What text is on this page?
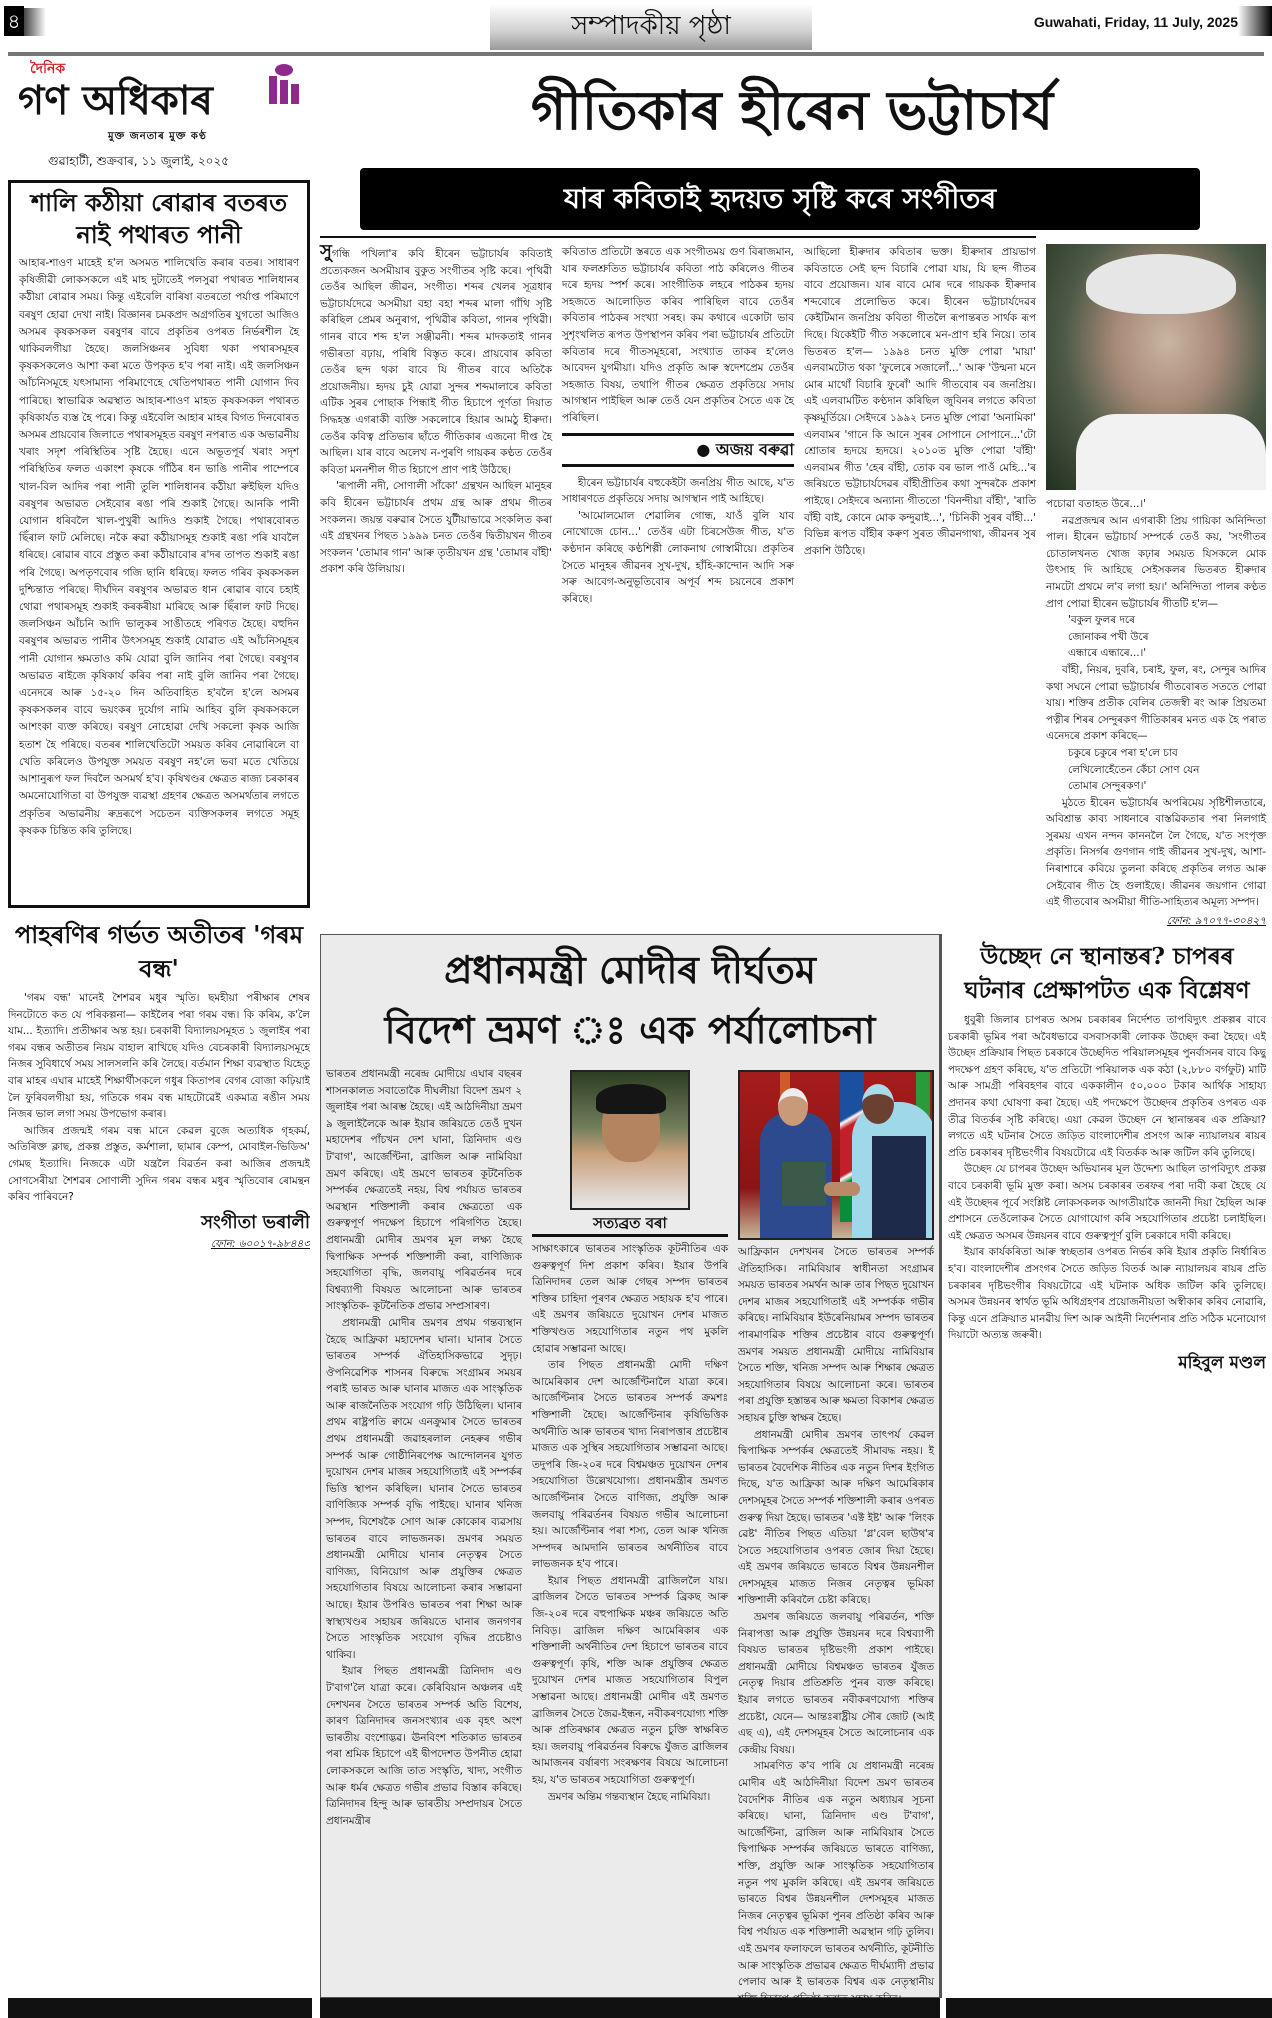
৪	সম্পাদকীয় পৃষ্ঠা	Guwahati, Friday, 11 July, 2025
দৈনিক
গণ অধিকাৰ
মুক্ত জনতাৰ মুক্ত কণ্ঠ
গুৱাহাটী, শুক্ৰবাৰ, ১১ জুলাই, ২০২৫
শালি কঠীয়া ৰোৱাৰ বতৰত নাই পথাৰত পানী

আহাৰ-শাওণ মাহেই হ'ল অসমত শালিখেতি কৰাৰ বতৰ। সাধাৰণ কৃষিজীৱী লোকসকলে এই মাহ দুটাতেই পলসুৱা পথাৰত শালিধানৰ কঠীয়া ৰোৱাৰ সময়। কিন্তু এইবেলি বাৰিষা বতৰতো পৰ্যাপ্ত পৰিমাণে বৰষুণ হোৱা দেখা নাই। বিজ্ঞানৰ চমকপ্ৰদ অগ্ৰগতিৰ যুগতো আজিও অসমৰ কৃষকসকল বৰষুণৰ বাবে প্ৰকৃতিৰ ওপৰত নিৰ্ভৰশীল হৈ থাকিবলগীয়া হৈছে। জলসিঞ্চনৰ সুবিধা থকা পথাৰসমূহৰ কৃষকসকলেও আশা কৰা মতে উপকৃত হ'ব পৰা নাই। এই জলসিঞ্চন আঁচনিসমূহে যৎসামান্য পৰিমাণেহে খেতিপথাৰত পানী যোগান দিব পাৰিছে। স্বাভাৱিক অৱস্থাত আহাৰ-শাওণ মাহত কৃষকসকল পথাৰত কৃষিকাৰ্যত ব্যস্ত হৈ পৰে। কিন্তু এইবেলি আহাৰ মাহৰ বিগত দিনবোৰত অসমৰ প্ৰায়বোৰ জিলাতে পথাৰসমূহত বৰষুণ নপৰাত এক অভাৱনীয় খৰাং সদৃশ পৰিস্থিতিৰ সৃষ্টি হৈছে। এনে অভূতপূৰ্ব খৰাং সদৃশ পৰিস্থিতিৰ ফলত একাংশ কৃষকে গাঁঠিৰ ধন ভাঙি পানীৰ পাম্পেৰে খাল-বিল আদিৰ পৰা পানী তুলি শালিধানৰ কঠীয়া ৰুইছিল যদিও বৰষুণৰ অভাৱত সেইবোৰ ৰঙা পৰি শুকাই গৈছে। আনকি পানী যোগান ধৰিবলৈ খাল-পুখুৰী আদিও শুকাই গৈছে। পথাৰবোৰত ছিঁৰাল ফাট মেলিছে। নকৈ ৰুৱা কঠীয়াসমূহ শুকাই ৰঙা পৰি যাবলৈ ধৰিছে। ৰোৱাৰ বাবে প্ৰস্তুত কৰা কঠীয়াবোৰ ৰ'দৰ তাপত শুকাই ৰঙা পৰি গৈছে। অপতৃণবোৰ গজি ছানি ধৰিছে। ফলত গৰিব কৃষকসকল দুশ্চিন্তাত পৰিছে। দীৰ্ঘদিন বৰষুণৰ অভাৱত ধান ৰোৱাৰ বাবে চহাই থোৱা পথাৰসমূহ শুকাই কৰকৰীয়া মাৰিছে আৰু ছিঁৰাল ফাট দিছে। জলসিঞ্চন আঁচনি আদি ভালুকৰ সাঙীতহে পৰিণত হৈছে। বহুদিন বৰষুণৰ অভাৱত পানীৰ উৎসসমূহ শুকাই যোৱাত এই আঁচনিসমূহৰ পানী যোগান ক্ষমতাও কমি যোৱা বুলি জানিব পৰা গৈছে। বৰষুণৰ অভাৱত ৰাইজে কৃষিকাৰ্য কৰিব পৰা নাই বুলি জানিব পৰা গৈছে। এনেদৰে আৰু ১৫-২০ দিন অতিবাহিত হ'বলৈ হ'লে অসমৰ কৃষকসকলৰ বাবে ভয়ংকৰ দুৰ্যোগ নামি আহিব বুলি কৃষকসকলে আশংকা ব্যক্ত কৰিছে। বৰষুণ নোহোৱা দেখি সকলো কৃষক আজি হতাশ হৈ পৰিছে। বতৰৰ শালিখেতিটো সময়ত কৰিব নোৱাৰিলে বা খেতি কৰিলেও উপযুক্ত সময়ত বৰষুণ নহ'লে ভবা মতে খেতিয়ে আশানুৰূপ ফল দিবলৈ অসমৰ্থ হ'ব। কৃষিখণ্ডৰ ক্ষেত্ৰত ৰাজ্য চৰকাৰৰ অমনোযোগিতা বা উপযুক্ত ব্যৱস্থা গ্ৰহণৰ ক্ষেত্ৰত অসমৰ্থতাৰ লগতে প্ৰকৃতিৰ অভাৱনীয় ৰুদ্ৰৰূপে সচেতন ব্যক্তিসকলৰ লগতে সমূহ কৃষকক চিন্তিত কৰি তুলিছে।

গীতিকাৰ হীৰেন ভট্টাচাৰ্য
যাৰ কবিতাই হৃদয়ত সৃষ্টি কৰে সংগীতৰ

সুগন্ধি পখিলা'ৰ কবি হীৰেন ভট্টাচাৰ্যৰ কবিতাই প্ৰত্যেকজন অসমীয়াৰ বুকুত সংগীতৰ সৃষ্টি কৰে। পৃথিৱী তেওঁৰ আছিল জীৱন, সংগীত। শব্দৰ খেলৰ সূত্ৰধাৰ ভট্টাচাৰ্যদেৱে অসমীয়া বহা বহা শব্দৰ মালা গাঁথি সৃষ্টি কৰিছিল প্ৰেমৰ অনুৰাগ, পৃথিৱীৰ কবিতা, গানৰ পৃথিৱী। গানৰ বাবে শব্দ হ'ল সঞ্জীৱনী। শব্দৰ মাদকতাই গানৰ গভীৰতা বঢ়ায়, পৰিধি বিস্তৃত কৰে। প্ৰায়বোৰ কবিতা তেওঁৰ ছন্দ থকা বাবে যি গীতৰ বাবে অতিকৈ প্ৰয়োজনীয়। হৃদয় চুই যোৱা সুন্দৰ শব্দমালাৰে কবিতা এটিক সুৰৰ পোছাক পিন্ধাই গীত হিচাপে পূৰ্ণতা দিয়াত সিদ্ধহস্ত এগৰাকী ব্যক্তি সকলোৰে হিয়াৰ আমঠু হীৰুদা। তেওঁৰ কবিত্ব প্ৰতিভাৰ ছাঁতে গীতিকাৰ এজনো দীপ্ত হৈ আছিল। যাৰ বাবে অলেখ ন-পুৰণি গায়কৰ কণ্ঠত তেওঁৰ কবিতা মননশীল গীত হিচাপে প্ৰাণ পাই উঠিছে।

'ৰূপালী নদী, সোণালী সাঁকো' গ্ৰন্থখন আছিল মানুহৰ কবি হীৰেন ভট্টাচাৰ্যৰ প্ৰথম গ্ৰন্থ আৰু প্ৰথম গীতৰ সংকলন। জয়ন্ত বৰুৱাৰ সৈতে যুটীয়াভাৱে সংকলিত কৰা এই গ্ৰন্থখনৰ পিছত ১৯৯৯ চনত তেওঁৰ দ্বিতীয়খন গীতৰ সংকলন 'তোমাৰ গান' আৰু তৃতীয়খন গ্ৰন্থ 'তোমাৰ বাঁহী' প্ৰকাশ কৰি উলিয়ায়।

কবিতাত প্ৰতিটো স্তৰতে এক সংগীতময় গুণ বিৰাজমান, যাৰ ফলশ্ৰুতিত ভট্টাচাৰ্যৰ কবিতা পাঠ কৰিলেও গীতৰ দৰে হৃদয় স্পৰ্শ কৰে। সাংগীতিক লহৰে পাঠকৰ হৃদয় সহজতে আলোড়িত কৰিব পাৰিছিল বাবে তেওঁৰ কবিতাৰ পাঠকৰ সংখ্যা সৰহ। কম কথাৰে একোটা ভাব সুশৃংখলিত ৰূপত উপস্থাপন কৰিব পৰা ভট্টাচাৰ্যৰ প্ৰতিটো কবিতাৰ দৰে গীতসমূহৰো, সংখ্যাত তাকৰ হ'লেও আবেদন যুগমীয়া। যদিও প্ৰকৃতি আৰু স্বদেশপ্ৰেম তেওঁৰ সহজাত বিষয়, তথাপি গীতৰ ক্ষেত্ৰত প্ৰকৃতিয়ে সদায় আগস্থান পাইছিল আৰু তেওঁ যেন প্ৰকৃতিৰ সৈতে এক হৈ পৰিছিল।

● অজয় বৰুৱা

হীৰেন ভট্টাচাৰ্যৰ বহুকেইটা জনপ্ৰিয় গীত আছে, য'ত সাধাৰণতে প্ৰকৃতিয়ে সদায় আগস্থান পাই আহিছে।

'আমোলমোল শেৱালিৰ গোন্ধ, যাওঁ বুলি যাব নোখোজে চোন...' তেওঁৰ এটা চিৰসেউজ গীত, য'ত কণ্ঠদান কৰিছে কণ্ঠশিল্পী লোকনাথ গোস্বামীয়ে। প্ৰকৃতিৰ সৈতে মানুহৰ জীৱনৰ সুখ-দুখ, হাঁহি-কান্দোন আদি সৰু সৰু আবেগ-অনুভূতিবোৰ অপূৰ্ব শব্দ চয়নেৰে প্ৰকাশ কৰিছে।

আছিলো হীৰুদাৰ কবিতাৰ ভক্ত। হীৰুদাৰ প্ৰায়ভাগ কবিতাতে সেই ছন্দ বিচাৰি পোৱা যায়, যি ছন্দ গীতৰ বাবে প্ৰয়োজন। যাৰ বাবে মোৰ দৰে গায়কক হীৰুদাৰ শব্দবোৰে প্ৰলোভিত কৰে। হীৰেন ভট্টাচাৰ্যদেৱৰ কেইটিমান জনপ্ৰিয় কবিতা গীতলৈ ৰূপান্তৰত সাৰ্থক ৰূপ দিছে। যিকেইটি গীত সকলোৰে মন-প্ৰাণ হৰি নিয়ে। তাৰ ভিতৰত হ'ল— ১৯৯৪ চনত মুক্তি পোৱা 'মায়া' এলবামটোত থকা 'ফুলেৰে সজালোঁ...' আৰু 'উন্মনা মনে মোৰ মাথোঁ বিচাৰি ফুৰোঁ' আদি গীতবোৰ বৰ জনপ্ৰিয়। এই এলবামটিত কণ্ঠদান কৰিছিল জুবিনৰ লগতে কবিতা কৃষ্ণমূৰ্তিয়ে। সেইদৰে ১৯৯২ চনত মুক্তি পোৱা 'অনামিকা' এলবামৰ 'গানে কি আনে সুৰৰ সোপানে সোপানে...'টো শ্ৰোতাৰ হৃদয়ে হৃদয়ে। ২০১০ত মুক্তি পোৱা 'বাঁহী' এলবামৰ গীত 'হেৰ বাঁহী, তোক বৰ ভাল পাওঁ মেহি...'ৰ জৰিয়তে ভট্টাচাৰ্যদেৱৰ বাঁহীপ্ৰীতিৰ কথা সুন্দৰকৈ প্ৰকাশ পাইছে। সেইদৰে অন্যান্য গীততো 'বিনন্দীয়া বাঁহী', 'ৰাতি বাঁহী বাই, কোনে মোক কন্দুৱাই...', 'চিনিকী সুৰৰ বাঁহী...' বিভিন্ন ৰূপত বাঁহীৰ কৰুণ সুৰত জীৱনগাথা, জীৱনৰ সুৰ প্ৰকাশি উঠিছে।

পচোৱা বতাহত উৰে...।'

নৱপ্ৰজন্মৰ আন এগৰাকী প্ৰিয় গায়িকা অনিন্দিতা পাল। হীৰেন ভট্টাচাৰ্য সম্পৰ্কে তেওঁ কয়, 'সংগীতৰ চোতালখনত খোজ কঢ়াৰ সময়ত যিসকলে মোক উৎসাহ দি আহিছে সেইসকলৰ ভিতৰত হীৰুদাৰ নামটো প্ৰথমে ল'ব লগা হয়।' অনিন্দিতা পালৰ কণ্ঠত প্ৰাণ পোৱা হীৰেন ভট্টাচাৰ্যৰ গীতটি হ'ল—

'বকুল ফুলৰ দৰে

জোনাকৰ পখী উৰে

এন্ধাৰে এন্ধাৰে...।'

বাঁহী, নিয়ৰ, দুবৰি, চৰাই, ফুল, ৰং, সেন্দুৰ আদিৰ কথা সঘনে পোৱা ভট্টাচাৰ্যৰ গীতবোৰত সততে পোৱা যায়। শক্তিৰ প্ৰতীক বেলিৰ তেজস্বী ৰং আৰু প্ৰিয়তমা পত্নীৰ শিৰৰ সেন্দুৰকণ গীতিকাৰৰ মনত এক হৈ পৰাত এনেদৰে প্ৰকাশ কৰিছে—

চকুৰে চকুৰে পৰা হ'লে চাব

লেখিলোহেঁতেন কেঁচা সোণ যেন

তোমাৰ সেন্দুৰকণ।'

মুঠতে হীৰেন ভট্টাচাৰ্যৰ অপৰিমেয় সৃষ্টিশীলতাৰে, অবিশ্ৰান্ত কাব্য সাধনাৰে বাস্তৱিকতাৰ পৰা নিলগাই সুৰময় এখন নন্দন কাননলৈ লৈ গৈছে, য'ত সংপৃক্ত প্ৰকৃতি। নিসৰ্গৰ গুণগান গাই জীৱনৰ সুখ-দুখ, আশা-নিৰাশাৰে কবিয়ে তুলনা কৰিছে প্ৰকৃতিৰ লগত আৰু সেইবোৰ গীত হৈ গুলাইছে। জীৱনৰ জয়গান গোৱা এই গীতবোৰ অসমীয়া গীতি-সাহিত্যৰ অমূল্য সম্পদ।

ফোন: ৯৭০৭৭-৩০৪২৭
পাহৰণিৰ গৰ্ভত অতীতৰ 'গৰম বন্ধ'

'গৰম বন্ধ' মানেই শৈশৱৰ মধুৰ স্মৃতি। ছমহীয়া পৰীক্ষাৰ শেষৰ দিনটোতে কত যে পৰিকল্পনা— কাইলৈৰ পৰা গৰম বন্ধ। কি কৰিম, ক'লৈ যাম... ইত্যাদি। প্ৰতীক্ষাৰ অন্ত হয়। চৰকাৰী বিদ্যালয়সমূহত ১ জুলাইৰ পৰা গৰম বন্ধৰ অতীতৰ নিয়ম বাহাল ৰাখিছে যদিও বেচৰকাৰী বিদ্যালয়সমূহে নিজৰ সুবিধাৰ্থে সময় সালসলনি কৰি লৈছে। বৰ্তমান শিক্ষা ব্যৱস্থাত যিহেতু বাৰ মাহৰ এঘাৰ মাহেই শিক্ষাৰ্থীসকলে গধুৰ কিতাপৰ বেগৰ বোজা কঢ়িয়াই লৈ ফুৰিবলগীয়া হয়, গতিকে গৰম বন্ধ মাহটোৱেই একমাত্ৰ ৰঙীন সময় নিজৰ ভাল লগা সময় উপভোগ কৰাৰ।

আজিৰ প্ৰজন্মই গৰম বন্ধ মানে কেৱল বুজে অত্যধিক গৃহকৰ্ম, অতিৰিক্ত ক্লাছ, প্ৰকল্প প্ৰস্তুত, কৰ্মশালা, ছামাৰ কেম্প, মোবাইল-ভিডিঅ' গেমছ ইত্যাদি। নিজকে এটা যন্ত্ৰলৈ বিৱৰ্তন কৰা আজিৰ প্ৰজন্মই সোণসেৰীয়া শৈশৱৰ সোণালী সুদিন গৰম বন্ধৰ মধুৰ স্মৃতিবোৰ ৰোমন্থন কৰিব পাৰিবনে?

সংগীতা ভৰালী
ফোন: ৬০০১৭-৯৮৪৪৩
প্ৰধানমন্ত্ৰী মোদীৰ দীৰ্ঘতম
বিদেশ ভ্ৰমণ ঃ এক পৰ্যালোচনা

ভাৰতৰ প্ৰধানমন্ত্ৰী নৰেন্দ্ৰ মোদীয়ে এঘাৰ বছৰৰ শাসনকালত সবাতোকৈ দীঘলীয়া বিদেশ ভ্ৰমণ ২ জুলাইৰ পৰা আৰম্ভ হৈছে। এই আঠদিনীয়া ভ্ৰমণ ৯ জুলাইলৈকে আৰু ইয়াৰ জৰিয়তে তেওঁ দুখন মহাদেশৰ পাঁচখন দেশ ঘানা, ত্ৰিনিদাদ এণ্ড ট'বাগ', আৰ্জেণ্টিনা, ব্ৰাজিল আৰু নামিবিয়া ভ্ৰমণ কৰিছে। এই ভ্ৰমণে ভাৰতৰ কূটনৈতিক সম্পৰ্কৰ ক্ষেত্ৰতেই নহয়, বিশ্ব পৰ্যায়ত ভাৰতৰ অৱস্থান শক্তিশালী কৰাৰ ক্ষেত্ৰতো এক গুৰুত্বপূৰ্ণ পদক্ষেপ হিচাপে পৰিগণিত হৈছে। প্ৰধানমন্ত্ৰী মোদীৰ ভ্ৰমণৰ মূল লক্ষ্য হৈছে দ্বিপাক্ষিক সম্পৰ্ক শক্তিশালী কৰা, বাণিজ্যিক সহযোগিতা বৃদ্ধি, জলবায়ু পৰিৱৰ্তনৰ দৰে বিশ্বব্যাপী বিষয়ত আলোচনা আৰু ভাৰতৰ সাংস্কৃতিক- কূটনৈতিক প্ৰভাৱ সম্প্ৰসাৰণ।

প্ৰধানমন্ত্ৰী মোদীৰ ভ্ৰমণৰ প্ৰথম গন্তব্যস্থান হৈছে আফ্ৰিকা মহাদেশৰ ঘানা। ঘানাৰ সৈতে ভাৰতৰ সম্পৰ্ক ঐতিহাসিকভাৱে সুদৃঢ়। ঔপনিৱেশিক শাসনৰ বিৰুদ্ধে সংগ্ৰামৰ সময়ৰ পৰাই ভাৰত আৰু ঘানাৰ মাজত এক সাংস্কৃতিক আৰু ৰাজনৈতিক সংযোগ গঢ়ি উঠিছিল। ঘানাৰ প্ৰথম ৰাষ্ট্ৰপতি ক্বামে এনক্ৰুমাৰ সৈতে ভাৰতৰ প্ৰথম প্ৰধানমন্ত্ৰী জৱাহৰলাল নেহৰুৰ গভীৰ সম্পৰ্ক আৰু গোষ্ঠীনিৰপেক্ষ আন্দোলনৰ যুগত দুয়োখন দেশৰ মাজৰ সহযোগিতাই এই সম্পৰ্কৰ ভিত্তি স্থাপন কৰিছিল। ঘানাৰ সৈতে ভাৰতৰ বাণিজ্যিক সম্পৰ্ক বৃদ্ধি পাইছে। ঘানাৰ খনিজ সম্পদ, বিশেষকৈ সোণ আৰু কোকোৰ ব্যৱসায় ভাৰতৰ বাবে লাভজনক। ভ্ৰমণৰ সময়ত প্ৰধানমন্ত্ৰী মোদীয়ে ঘানাৰ নেতৃত্বৰ সৈতে বাণিজ্য, বিনিয়োগ আৰু প্ৰযুক্তিৰ ক্ষেত্ৰত সহযোগিতাৰ বিষয়ে আলোচনা কৰাৰ সম্ভাৱনা আছে। ইয়াৰ উপৰিও ভাৰতৰ পৰা শিক্ষা আৰু স্বাস্থ্যখণ্ডৰ সহায়ৰ জৰিয়তে ঘানাৰ জনগণৰ সৈতে সাংস্কৃতিক সংযোগ বৃদ্ধিৰ প্ৰচেষ্টাও থাকিব।

ইয়াৰ পিছত প্ৰধানমন্ত্ৰী ত্ৰিনিদাদ এণ্ড ট'বাগ'লৈ যাত্ৰা কৰে। কেৰিবিয়ান অঞ্চলৰ এই দেশখনৰ সৈতে ভাৰতৰ সম্পৰ্ক অতি বিশেষ, কাৰণ ত্ৰিনিদাদৰ জনসংখ্যাৰ এক বৃহৎ অংশ ভাৰতীয় বংশোদ্ভৱ। ঊনবিংশ শতিকাত ভাৰতৰ পৰা শ্ৰমিক হিচাপে এই দ্বীপদেশত উপনীত হোৱা লোকসকলে আজি তাত সংস্কৃতি, খাদ্য, সংগীত আৰু ধৰ্মৰ ক্ষেত্ৰত গভীৰ প্ৰভাৱ বিস্তাৰ কৰিছে। ত্ৰিনিদাদৰ হিন্দু আৰু ভাৰতীয় সম্প্ৰদায়ৰ সৈতে প্ৰধানমন্ত্ৰীৰ

সত্যব্ৰত বৰা

সাক্ষাৎকাৰে ভাৰতৰ সাংস্কৃতিক কূটনীতিৰ এক গুৰুত্বপূৰ্ণ দিশ প্ৰকাশ কৰিব। ইয়াৰ উপৰি ত্ৰিনিদাদৰ তেল আৰু গেছৰ সম্পদ ভাৰতৰ শক্তিৰ চাহিদা পূৰণৰ ক্ষেত্ৰত সহায়ক হ'ব পাৰে। এই ভ্ৰমণৰ জৰিয়তে দুয়োখন দেশৰ মাজত শক্তিখণ্ডত সহযোগিতাৰ নতুন পথ মুকলি হোৱাৰ সম্ভাৱনা আছে।

তাৰ পিছত প্ৰধানমন্ত্ৰী মোদী দক্ষিণ আমেৰিকাৰ দেশ আৰ্জেণ্টিনালৈ যাত্ৰা কৰে। আৰ্জেণ্টিনাৰ সৈতে ভাৰতৰ সম্পৰ্ক ক্ৰমশঃ শক্তিশালী হৈছে। আৰ্জেণ্টিনাৰ কৃষিভিত্তিক অৰ্থনীতি আৰু ভাৰতৰ খাদ্য নিৰাপত্তাৰ প্ৰচেষ্টাৰ মাজত এক সুস্থিৰ সহযোগিতাৰ সম্ভাৱনা আছে। তদুপৰি জি-২০ৰ দৰে বিশ্বমঞ্চত দুয়োখন দেশৰ সহযোগিতা উল্লেখযোগ্য। প্ৰধানমন্ত্ৰীৰ ভ্ৰমণত আৰ্জেণ্টিনাৰ সৈতে বাণিজ্য, প্ৰযুক্তি আৰু জলবায়ু পৰিৱৰ্তনৰ বিষয়ত গভীৰ আলোচনা হয়। আৰ্জেণ্টিনাৰ পৰা শস্য, তেল আৰু খনিজ সম্পদৰ আমদানি ভাৰতৰ অৰ্থনীতিৰ বাবে লাভজনক হ'ব পাৰে।

ইয়াৰ পিছত প্ৰধানমন্ত্ৰী ব্ৰাজিললৈ যায়। ব্ৰাজিলৰ সৈতে ভাৰতৰ সম্পৰ্ক ব্ৰিকছ আৰু জি-২০ৰ দৰে বহুপাক্ষিক মঞ্চৰ জৰিয়তে অতি নিবিড়। ব্ৰাজিল দক্ষিণ আমেৰিকাৰ এক শক্তিশালী অৰ্থনীতিৰ দেশ হিচাপে ভাৰতৰ বাবে গুৰুত্বপূৰ্ণ। কৃষি, শক্তি আৰু প্ৰযুক্তিৰ ক্ষেত্ৰত দুয়োখন দেশৰ মাজত সহযোগিতাৰ বিপুল সম্ভাৱনা আছে। প্ৰধানমন্ত্ৰী মোদীৰ এই ভ্ৰমণত ব্ৰাজিলৰ সৈতে জৈৱ-ইন্ধন, নবীকৰণযোগ্য শক্তি আৰু প্ৰতিৰক্ষাৰ ক্ষেত্ৰত নতুন চুক্তি স্বাক্ষৰিত হয়। জলবায়ু পৰিৱৰ্তনৰ বিৰুদ্ধে যুঁজত ব্ৰাজিলৰ আমাজনৰ বৰ্ষাৰণ্য সংৰক্ষণৰ বিষয়ে আলোচনা হয়, য'ত ভাৰতৰ সহযোগিতা গুৰুত্বপূৰ্ণ।

ভ্ৰমণৰ অন্তিম গন্তব্যস্থান হৈছে নামিবিয়া।

আফ্ৰিকান দেশখনৰ সৈতে ভাৰতৰ সম্পৰ্ক ঐতিহাসিক। নামিবিয়াৰ স্বাধীনতা সংগ্ৰামৰ সময়ত ভাৰতৰ সমৰ্থন আৰু তাৰ পিছত দুয়োখন দেশৰ মাজৰ সহযোগিতাই এই সম্পৰ্কক গভীৰ কৰিছে। নামিবিয়াৰ ইউৰেনিয়ামৰ সম্পদ ভাৰতৰ পাৰমাণৱিক শক্তিৰ প্ৰচেষ্টাৰ বাবে গুৰুত্বপূৰ্ণ। ভ্ৰমণৰ সময়ত প্ৰধানমন্ত্ৰী মোদীয়ে নামিবিয়াৰ সৈতে শক্তি, খনিজ সম্পদ আৰু শিক্ষাৰ ক্ষেত্ৰত সহযোগিতাৰ বিষয়ে আলোচনা কৰে। ভাৰতৰ পৰা প্ৰযুক্তি হস্তান্তৰ আৰু ক্ষমতা বিকাশৰ ক্ষেত্ৰত সহায়ৰ চুক্তি স্বাক্ষৰ হৈছে।

প্ৰধানমন্ত্ৰী মোদীৰ ভ্ৰমণৰ তাৎপৰ্য কেৱল দ্বিপাক্ষিক সম্পৰ্কৰ ক্ষেত্ৰতেই সীমাবদ্ধ নহয়। ই ভাৰতৰ বৈদেশিক নীতিৰ এক নতুন দিশৰ ইংগিত দিছে, য'ত আফ্ৰিকা আৰু দক্ষিণ আমেৰিকাৰ দেশসমূহৰ সৈতে সম্পৰ্ক শক্তিশালী কৰাৰ ওপৰত গুৰুত্ব দিয়া হৈছে। ভাৰতৰ 'এক্ট ইষ্ট' আৰু 'লিংক ৱেষ্ট' নীতিৰ পিছত এতিয়া 'গ্ল'বেল ছাউথ'ৰ সৈতে সহযোগিতাৰ ওপৰত জোৰ দিয়া হৈছে। এই ভ্ৰমণৰ জৰিয়তে ভাৰতে বিশ্বৰ উন্নয়নশীল দেশসমূহৰ মাজত নিজৰ নেতৃত্বৰ ভূমিকা শক্তিশালী কৰিবলৈ চেষ্টা কৰিছে।

ভ্ৰমণৰ জৰিয়তে জলবায়ু পৰিৱৰ্তন, শক্তি নিৰাপত্তা আৰু প্ৰযুক্তি উন্নয়নৰ দৰে বিশ্বব্যাপী বিষয়ত ভাৰতৰ দৃষ্টিভংগী প্ৰকাশ পাইছে। প্ৰধানমন্ত্ৰী মোদীয়ে বিশ্বমঞ্চত ভাৰতৰ যুঁজত নেতৃত্ব দিয়াৰ প্ৰতিশ্ৰুতি পুনৰ ব্যক্ত কৰিছে। ইয়াৰ লগতে ভাৰতৰ নবীকৰণযোগ্য শক্তিৰ প্ৰচেষ্টা, যেনে— আন্তঃৰাষ্ট্ৰীয় সৌৰ জোট (আই এছ এ), এই দেশসমূহৰ সৈতে আলোচনাৰ এক কেন্দ্ৰীয় বিষয়।

সামৰণিত ক'ব পাৰি যে প্ৰধানমন্ত্ৰী নৰেন্দ্ৰ মোদীৰ এই আঠদিনীয়া বিদেশ ভ্ৰমণ ভাৰতৰ বৈদেশিক নীতিৰ এক নতুন অধ্যায়ৰ সূচনা কৰিছে। ঘানা, ত্ৰিনিদাদ এণ্ড ট'বাগ', আৰ্জেণ্টিনা, ব্ৰাজিল আৰু নামিবিয়াৰ সৈতে দ্বিপাক্ষিক সম্পৰ্কৰ জৰিয়তে ভাৰতে বাণিজ্য, শক্তি, প্ৰযুক্তি আৰু সাংস্কৃতিক সহযোগিতাৰ নতুন পথ মুকলি কৰিছে। এই ভ্ৰমণৰ জৰিয়তে ভাৰতে বিশ্বৰ উন্নয়নশীল দেশসমূহৰ মাজত নিজৰ নেতৃত্বৰ ভূমিকা পুনৰ প্ৰতিষ্ঠা কৰিব আৰু বিশ্ব পৰ্যায়ত এক শক্তিশালী অৱস্থান গঢ়ি তুলিব। এই ভ্ৰমণৰ ফলাফলে ভাৰতৰ অৰ্থনীতি, কূটনীতি আৰু সাংস্কৃতিক প্ৰভাৱৰ ক্ষেত্ৰত দীৰ্ঘম্যাদী প্ৰভাৱ পেলাব আৰু ই ভাৰতক বিশ্বৰ এক নেতৃস্থানীয়

উচ্ছেদ নে স্থানান্তৰ? চাপৰৰ ঘটনাৰ প্ৰেক্ষাপটত এক বিশ্লেষণ

ধুবুৰী জিলাৰ চাপৰত অসম চৰকাৰৰ নিৰ্দেশত তাপবিদ্যুৎ প্ৰকল্পৰ বাবে চৰকাৰী ভূমিৰ পৰা অবৈধভাৱে বসবাসকাৰী লোকক উচ্ছেদ কৰা হৈছে। এই উচ্ছেদ প্ৰক্ৰিয়াৰ পিছত চৰকাৰে উচ্ছেদিত পৰিয়ালসমূহৰ পুনৰ্বাসনৰ বাবে কিছু পদক্ষেপ গ্ৰহণ কৰিছে, য'ত প্ৰতিটো পৰিয়ালক এক কঠা (২,৮৮০ বৰ্গফুট) মাটি আৰু সামগ্ৰী পৰিবহণৰ বাবে এককালীন ৫০,০০০ টকাৰ আৰ্থিক সাহায্য প্ৰদানৰ কথা ঘোষণা কৰা হৈছে। এই পদক্ষেপে উচ্ছেদৰ প্ৰকৃতিৰ ওপৰত এক তীব্ৰ বিতৰ্কৰ সৃষ্টি কৰিছে। এয়া কেৱল উচ্ছেদ নে স্থানান্তৰৰ এক প্ৰক্ৰিয়া? লগতে এই ঘটনাৰ সৈতে জড়িত বাংলাদেশীৰ প্ৰসংগ আৰু ন্যায়ালয়ৰ ৰায়ৰ প্ৰতি চৰকাৰৰ দৃষ্টিভংগীৰ বিষয়টোৱে এই বিতৰ্কক আৰু জটিল কৰি তুলিছে।

উচ্ছেদ যে চাপৰৰ উচ্ছেদ অভিযানৰ মূল উদ্দেশ্য আছিল তাপবিদ্যুৎ প্ৰকল্প বাবে চৰকাৰী ভূমি মুক্ত কৰা। অসম চৰকাৰৰ তৰফৰ পৰা দাবী কৰা হৈছে যে এই উচ্ছেদৰ পূৰ্বে সংশ্লিষ্ট লোকসকলক আগতীয়াকৈ জাননী দিয়া হৈছিল আৰু প্ৰশাসনে তেওঁলোকৰ সৈতে যোগাযোগ কৰি সহযোগিতাৰ প্ৰচেষ্টা চলাইছিল। এই ক্ষেত্ৰত অসমৰ উন্নয়নৰ বাবে গুৰুত্বপূৰ্ণ বুলি চৰকাৰে দাবী কৰিছে।

ইয়াৰ কাৰ্যকৰিতা আৰু স্বচ্ছতাৰ ওপৰত নিৰ্ভৰ কৰি ইয়াৰ প্ৰকৃতি নিৰ্ধাৰিত হ'ব। বাংলাদেশীৰ প্ৰসংগৰ সৈতে জড়িত বিতৰ্ক আৰু ন্যায়ালয়ৰ ৰায়ৰ প্ৰতি চৰকাৰৰ দৃষ্টিভংগীৰ বিষয়টোৱে এই ঘটনাক অধিক জটিল কৰি তুলিছে। অসমৰ উন্নয়নৰ স্বাৰ্থত ভূমি অধিগ্ৰহণৰ প্ৰয়োজনীয়তা অস্বীকাৰ কৰিব নোৱাৰি, কিন্তু এনে প্ৰক্ৰিয়াত মানৱীয় দিশ আৰু আইনী নিৰ্দেশনাৰ প্ৰতি সঠিক মনোযোগ দিয়াটো অত্যন্ত জৰুৰী।

মহিবুল মণ্ডল
